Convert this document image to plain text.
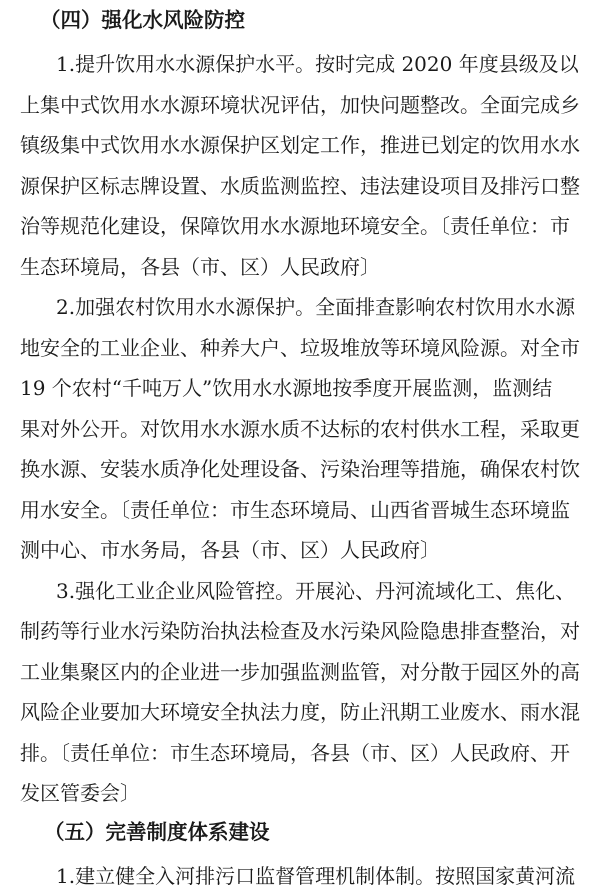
（四）强化水风险防控
1.提升饮用水水源保护水平。按时完成 2020 年度县级及以
上集中式饮用水水源环境状况评估，加快问题整改。全面完成乡
镇级集中式饮用水水源保护区划定工作，推进已划定的饮用水水
源保护区标志牌设置、水质监测监控、违法建设项目及排污口整
治等规范化建设，保障饮用水水源地环境安全。〔责任单位：市
生态环境局，各县（市、区）人民政府〕
2.加强农村饮用水水源保护。全面排查影响农村饮用水水源
地安全的工业企业、种养大户、垃圾堆放等环境风险源。对全市
19 个农村“千吨万人”饮用水水源地按季度开展监测，监测结
果对外公开。对饮用水水源水质不达标的农村供水工程，采取更
换水源、安装水质净化处理设备、污染治理等措施，确保农村饮
用水安全。〔责任单位：市生态环境局、山西省晋城生态环境监
测中心、市水务局，各县（市、区）人民政府〕
3.强化工业企业风险管控。开展沁、丹河流域化工、焦化、
制药等行业水污染防治执法检查及水污染风险隐患排查整治，对
工业集聚区内的企业进一步加强监测监管，对分散于园区外的高
风险企业要加大环境安全执法力度，防止汛期工业废水、雨水混
排。〔责任单位：市生态环境局，各县（市、区）人民政府、开
发区管委会〕
（五）完善制度体系建设
1.建立健全入河排污口监督管理机制体制。按照国家黄河流
